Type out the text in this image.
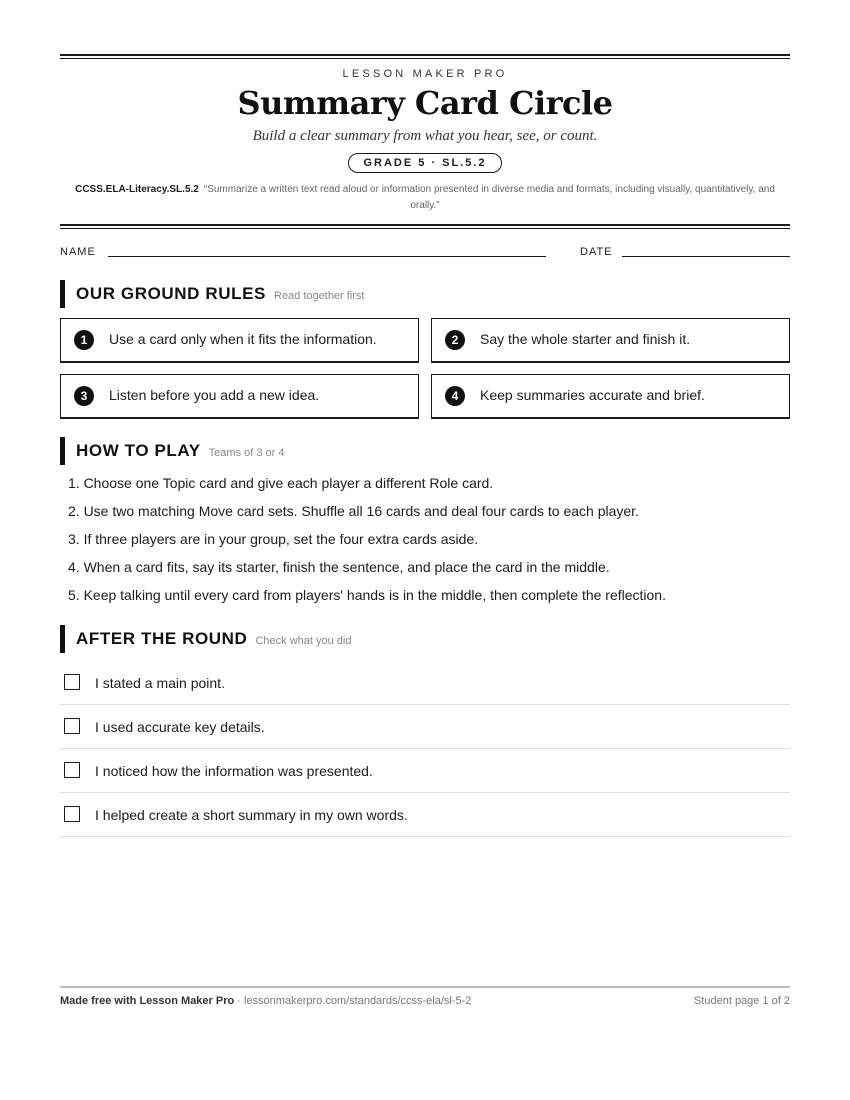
LESSON MAKER PRO
Summary Card Circle
Build a clear summary from what you hear, see, or count.
GRADE 5 · SL.5.2
CCSS.ELA-Literacy.SL.5.2 “Summarize a written text read aloud or information presented in diverse media and formats, including visually, quantitatively, and orally.”
NAME	DATE
OUR GROUND RULES Read together first
1	Use a card only when it fits the information.	2	Say the whole starter and finish it.
3	Listen before you add a new idea.	4	Keep summaries accurate and brief.
HOW TO PLAY Teams of 3 or 4
1. Choose one Topic card and give each player a different Role card.
2. Use two matching Move card sets. Shuffle all 16 cards and deal four cards to each player.
3. If three players are in your group, set the four extra cards aside.
4. When a card fits, say its starter, finish the sentence, and place the card in the middle.
5. Keep talking until every card from players' hands is in the middle, then complete the reflection.
AFTER THE ROUND Check what you did
I stated a main point.
I used accurate key details.
I noticed how the information was presented.
I helped create a short summary in my own words.
Made free with Lesson Maker Pro · lessonmakerpro.com/standards/ccss-ela/sl-5-2	Student page 1 of 2
